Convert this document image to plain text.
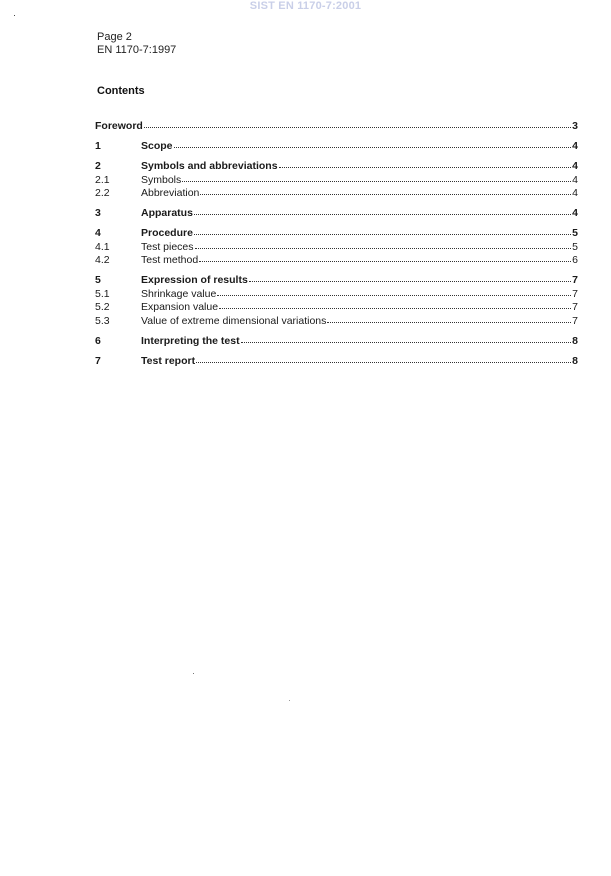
SIST EN 1170-7:2001
Page 2
EN 1170-7:1997
Contents
Foreword	3
1	Scope	4
2	Symbols and abbreviations	4
2.1	Symbols	4
2.2	Abbreviation	4
3	Apparatus	4
4	Procedure	5
4.1	Test pieces	5
4.2	Test method	6
5	Expression of results	7
5.1	Shrinkage value	7
5.2	Expansion value	7
5.3	Value of extreme dimensional variations	7
6	Interpreting the test	8
7	Test report	8
